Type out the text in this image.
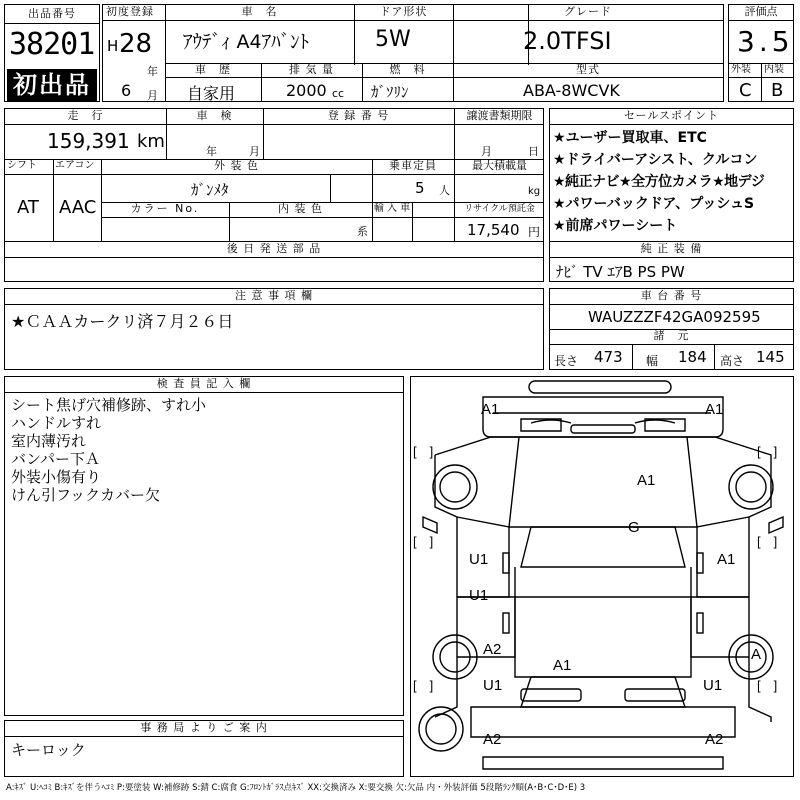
出品番号
38201
初出品
初度登録
H 28
年
6 月
車　名
ｱｳﾃﾞｨ A4ｱﾊﾞﾝﾄ
ドア形状
5W
グレード
2.0TFSI
車　歴
自家用
排 気 量
2000 cc
燃　料
ｶﾞｿﾘﾝ
型式
ABA-8WCVK
評価点
3.5
外装 内装
C B
走　行
159,391 km
車　検
年	月
登 録 番 号	譲渡書類期限
月	日
シフト
AT
エアコン
AAC
外 装 色
ｶﾞﾝﾒﾀ
乗車定員
5 人
最大積載量
kg
カラー No.	内 装 色
系
輸 入 車	リサイクル預託金
17,540 円
後 日 発 送 部 品
セールスポイント
★ユーザー買取車、ETC
★ドライバーアシスト、クルコン
★純正ナビ★全方位カメラ★地デジ
★パワーバックドア、プッシュS
★前席パワーシート
純 正 装 備
ﾅﾋﾞ TV ｴｱB PS PW
注 意 事 項 欄
★ＣＡＡカークリ済７月２６日
車 台 番 号
WAUZZZF42GA092595
諸　元
長さ 473 幅 184 高さ 145
検 査 員 記 入 欄
シート焦げ穴補修跡、すれ小
ハンドルすれ
室内薄汚れ
バンパー下Ａ
外装小傷有り
けん引フックカバー欠
事 務 局 よ り ご 案 内
キーロック
A1	A1
A1
G
U1	A1
U1
A2
A1
A
U1	U1
A2	A2
[　]	[　]
[　]	[　]
[　]	[　]
A:ｷｽﾞ U:ﾍｺﾐ B:ｷｽﾞを伴うﾍｺﾐ P:要塗装 W:補修跡 S:錆 C:腐食 G:ﾌﾛﾝﾄｶﾞﾗｽ点ｷｽﾞ XX:交換済み X:要交換 欠:欠品 内・外装評価 5段階ﾗﾝｸ順(A･B･C･D･E) 3
